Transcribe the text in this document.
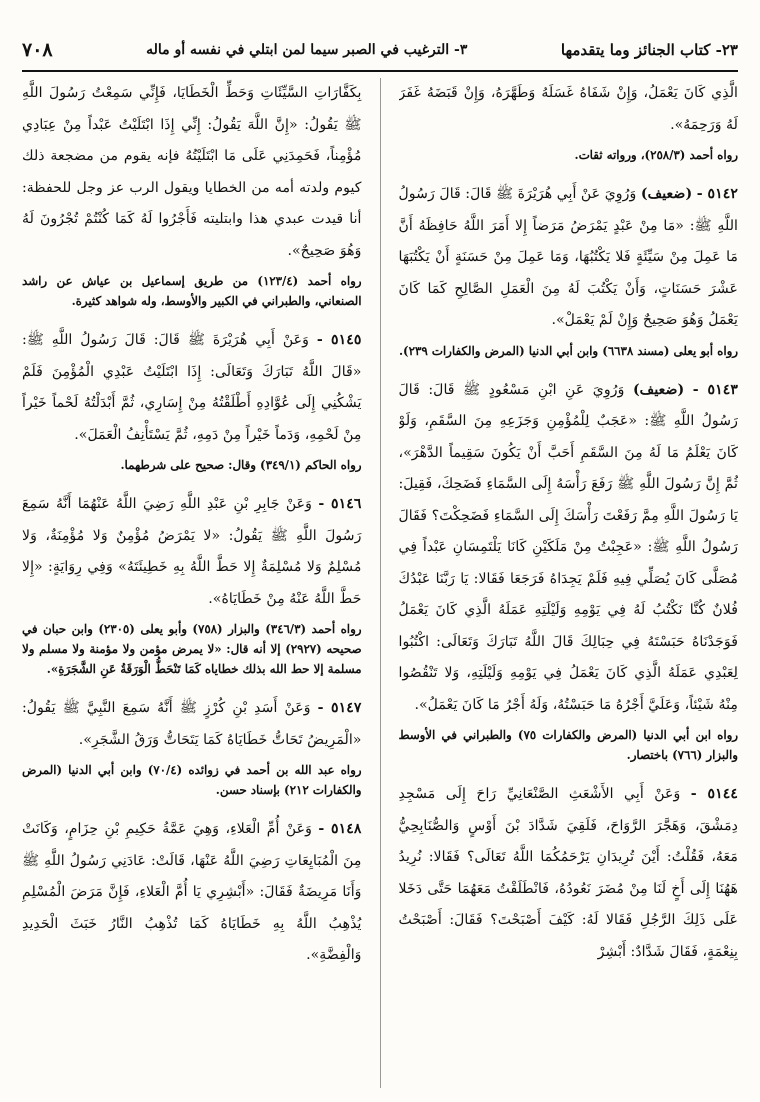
٢٣- كتاب الجنائز وما يتقدمها
٣- الترغيب في الصبر سيما لمن ابتلي في نفسه أو ماله
٧٠٨

الَّذِي كَانَ يَعْمَلُ، وَإِنْ شَفَاهُ غَسَلَهُ وَطَهَّرَهُ، وَإِنْ قَبَضَهُ غَفَرَ لَهُ وَرَحِمَهُ».

رواه أحمد (٢٥٨/٣)، ورواته ثقات.

٥١٤٢ - (ضعيف) وَرُوِيَ عَنْ أَبِي هُرَيْرَةَ ﷺ قَالَ: قَالَ رَسُولُ اللَّهِ ﷺ: «مَا مِنْ عَبْدٍ يَمْرَضُ مَرَضاً إِلا أَمَرَ اللَّهُ حَافِظَهُ أَنَّ مَا عَمِلَ مِنْ سَيِّئَةٍ فَلا يَكْتُبُهَا، وَمَا عَمِلَ مِنْ حَسَنَةٍ أَنْ يَكْتُبَهَا عَشْرَ حَسَنَاتٍ، وَأَنْ يَكْتُبَ لَهُ مِنَ الْعَمَلِ الصَّالِحِ كَمَا كَانَ يَعْمَلُ وَهُوَ صَحِيحٌ وَإِنْ لَمْ يَعْمَلْ».

رواه أبو يعلى (مسند ٦٦٣٨) وابن أبي الدنيا (المرض والكفارات ٢٣٩).

٥١٤٣ - (ضعيف) وَرُوِيَ عَنِ ابْنِ مَسْعُودٍ ﷺ قَالَ: قَالَ رَسُولُ اللَّهِ ﷺ: «عَجَبٌ لِلْمُؤْمِنِ وَجَزَعِهِ مِنَ السَّقَمِ، وَلَوْ كَانَ يَعْلَمُ مَا لَهُ مِنَ السَّقَمِ أَحَبَّ أَنْ يَكُونَ سَقِيماً الدَّهْرَ»، ثُمَّ إِنَّ رَسُولَ اللَّهِ ﷺ رَفَعَ رَأْسَهُ إِلَى السَّمَاءِ فَضَحِكَ، فَقِيلَ: يَا رَسُولَ اللَّهِ مِمَّ رَفَعْتَ رَأْسَكَ إِلَى السَّمَاءِ فَضَحِكْتَ؟ فَقَالَ رَسُولُ اللَّهِ ﷺ: «عَجِبْتُ مِنْ مَلَكَيْنِ كَانَا يَلْتَمِسَانِ عَبْداً فِي مُصَلَّى كَانَ يُصَلِّي فِيهِ فَلَمْ يَجِدَاهُ فَرَجَعَا فَقَالا: يَا رَبَّنَا عَبْدُكَ فُلانٌ كُنَّا نَكْتُبُ لَهُ فِي يَوْمِهِ وَلَيْلَتِهِ عَمَلَهُ الَّذِي كَانَ يَعْمَلُ فَوَجَدْنَاهُ حَبَسْتَهُ فِي حِبَالِكَ قَالَ اللَّهُ تَبَارَكَ وَتَعَالَى: اكْتُبُوا لِعَبْدِي عَمَلَهُ الَّذِي كَانَ يَعْمَلُ فِي يَوْمِهِ وَلَيْلَتِهِ، وَلا تَنْقُصُوا مِنْهُ شَيْئاً، وَعَلَيَّ أَجْرُهُ مَا حَبَسْتُهُ، وَلَهُ أَجْرُ مَا كَانَ يَعْمَلُ».

رواه ابن أبي الدنيا (المرض والكفارات ٧٥) والطبراني في الأوسط والبزار (٧٦٦) باختصار.

٥١٤٤ - وَعَنْ أَبِي الأَشْعَثِ الصَّنْعَانِيِّ رَاحَ إِلَى مَسْجِدِ دِمَشْقَ، وَهَجَّرَ الرَّوَاحَ، فَلَقِيَ شَدَّادَ بْنَ أَوْسٍ وَالصُّنَابِحِيُّ مَعَهُ، فَقُلْتُ: أَيْنَ تُرِيدَانِ يَرْحَمُكُمَا اللَّهُ تَعَالَى؟ فَقَالا: نُرِيدُ هَهُنَا إِلَى أَخٍ لَنَا مِنْ مُضَرَ نَعُودُهُ، فَانْطَلَقْتُ مَعَهُمَا حَتَّى دَخَلا عَلَى ذَلِكَ الرَّجُلِ فَقَالا لَهُ: كَيْفَ أَصْبَحْتَ؟ فَقَالَ: أَصْبَحْتُ بِنِعْمَةٍ، فَقَالَ شَدَّادٌ: أَبْشِرْ

بِكَفَّارَاتِ السَّيِّئَاتِ وَحَطِّ الْخَطَايَا، فَإِنِّي سَمِعْتُ رَسُولَ اللَّهِ ﷺ يَقُولُ: «إِنَّ اللَّهَ يَقُولُ: إِنِّي إِذَا ابْتَلَيْتُ عَبْداً مِنْ عِبَادِي مُؤْمِناً، فَحَمِدَنِي عَلَى مَا ابْتَلَيْتُهُ فإنه يقوم من مضجعة ذلك كيوم ولدته أمه من الخطايا ويقول الرب عز وجل للحفظة: أنا قيدت عبدي هذا وابتليته فَأَجْرُوا لَهُ كَمَا كُنْتُمْ تُجْرُونَ لَهُ وَهُوَ صَحِيحٌ».

رواه أحمد (١٢٣/٤) من طريق إسماعيل بن عياش عن راشد الصنعاني، والطبراني في الكبير والأوسط، وله شواهد كثيرة.

٥١٤٥ - وَعَنْ أَبِي هُرَيْرَةَ ﷺ قَالَ: قَالَ رَسُولُ اللَّهِ ﷺ: «قَالَ اللَّهُ تَبَارَكَ وَتَعَالَى: إِذَا ابْتَلَيْتُ عَبْدِي الْمُؤْمِنَ فَلَمْ يَشْكُنِي إِلَى عُوَّادِهِ أَطْلَقْتُهُ مِنْ إِسَارِي، ثُمَّ أَبْدَلْتُهُ لَحْماً خَيْراً مِنْ لَحْمِهِ، وَدَماً خَيْراً مِنْ دَمِهِ، ثُمَّ يَسْتَأْنِفُ الْعَمَلَ».

رواه الحاكم (٣٤٩/١) وقال: صحيح على شرطهما.

٥١٤٦ - وَعَنْ جَابِرِ بْنِ عَبْدِ اللَّهِ رَضِيَ اللَّهُ عَنْهُمَا أَنَّهُ سَمِعَ رَسُولَ اللَّهِ ﷺ يَقُولُ: «لا يَمْرَضُ مُؤْمِنٌ وَلا مُؤْمِنَةٌ، وَلا مُسْلِمٌ وَلا مُسْلِمَةٌ إِلا حَطَّ اللَّهُ بِهِ خَطِيئَتَهُ» وَفِي رِوَايَةٍ: «إِلا حَطَّ اللَّهُ عَنْهُ مِنْ خَطَايَاهُ».

رواه أحمد (٣٤٦/٣) والبزار (٧٥٨) وأبو يعلى (٢٣٠٥) وابن حبان في صحيحه (٢٩٢٧) إلا أنه قال: «لا يمرض مؤمن ولا مؤمنة ولا مسلم ولا مسلمة إلا حط الله بذلك خطاياه كَمَا تَنْحَطُّ الْوَرَقَةُ عَنِ الشَّجَرَةِ».

٥١٤٧ - وَعَنْ أَسَدِ بْنِ كُرْزٍ ﷺ أَنَّهُ سَمِعَ النَّبِيَّ ﷺ يَقُولُ: «الْمَرِيضُ تَحَاتُّ خَطَايَاهُ كَمَا يَتَحَاتُّ وَرَقُ الشَّجَرِ».

رواه عبد الله بن أحمد في زوائده (٧٠/٤) وابن أبي الدنيا (المرض والكفارات ٢١٢) بإسناد حسن.

٥١٤٨ - وَعَنْ أُمِّ الْعَلاءِ، وَهِيَ عَمَّةُ حَكِيمِ بْنِ حِزَامٍ، وَكَانَتْ مِنَ الْمُبَايِعَاتِ رَضِيَ اللَّهُ عَنْهَا، قَالَتْ: عَادَنِي رَسُولُ اللَّهِ ﷺ وَأَنَا مَرِيضَةٌ فَقَالَ: «أَبْشِرِي يَا أُمَّ الْعَلاءِ، فَإِنَّ مَرَضَ الْمُسْلِمِ يُذْهِبُ اللَّهُ بِهِ خَطَايَاهُ كَمَا تُذْهِبُ النَّارُ خَبَثَ الْحَدِيدِ وَالْفِضَّةِ».
